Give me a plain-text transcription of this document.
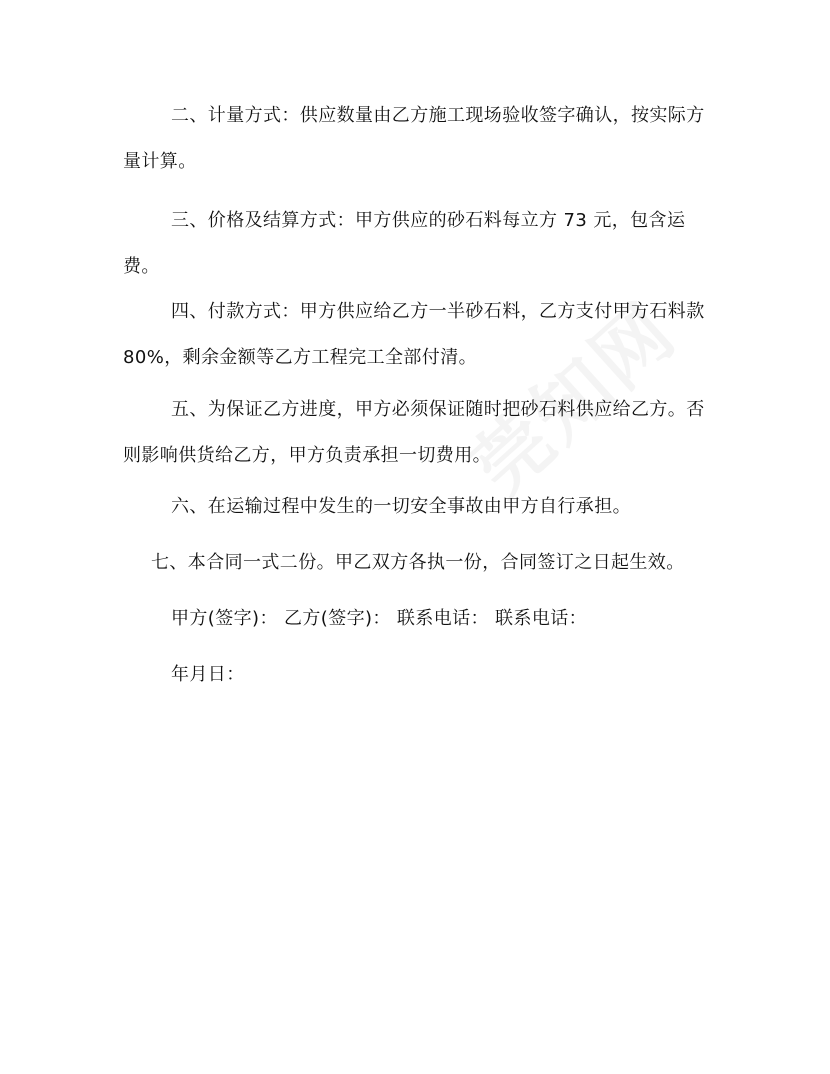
二、计量方式：供应数量由乙方施工现场验收签字确认，按实际方量计算。

三、价格及结算方式：甲方供应的砂石料每立方 73 元，包含运费。

四、付款方式：甲方供应给乙方一半砂石料，乙方支付甲方石料款 80%，剩余金额等乙方工程完工全部付清。

五、为保证乙方进度，甲方必须保证随时把砂石料供应给乙方。否则影响供货给乙方，甲方负责承担一切费用。

六、在运输过程中发生的一切安全事故由甲方自行承担。

七、本合同一式二份。甲乙双方各执一份，合同签订之日起生效。

甲方(签字)： 乙方(签字)： 联系电话： 联系电话：

年月日：
